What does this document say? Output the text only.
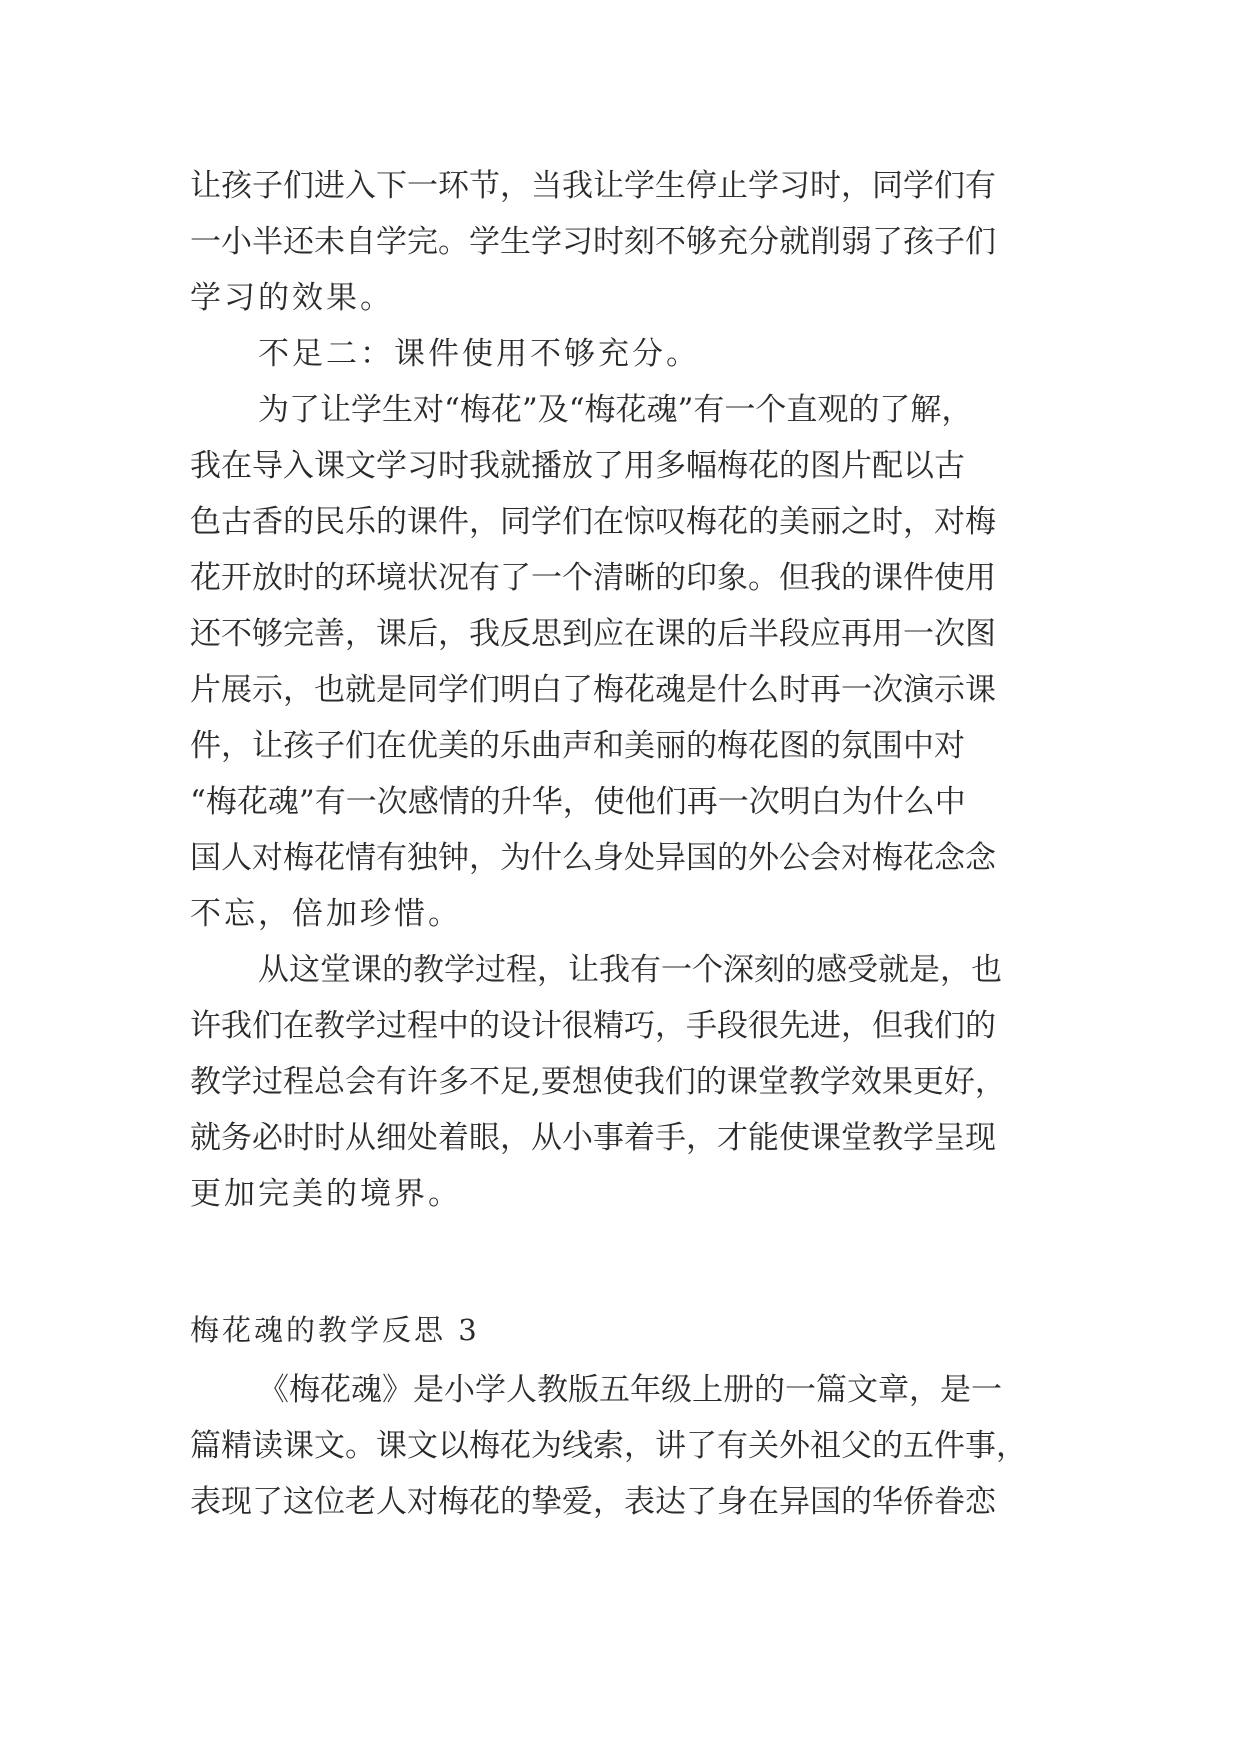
让孩子们进入下一环节，当我让学生停止学习时，同学们有
一小半还未自学完。学生学习时刻不够充分就削弱了孩子们
学习的效果。
不足二：课件使用不够充分。
为了让学生对“梅花”及“梅花魂”有一个直观的了解，
我在导入课文学习时我就播放了用多幅梅花的图片配以古
色古香的民乐的课件，同学们在惊叹梅花的美丽之时，对梅
花开放时的环境状况有了一个清晰的印象。但我的课件使用
还不够完善，课后，我反思到应在课的后半段应再用一次图
片展示，也就是同学们明白了梅花魂是什么时再一次演示课
件，让孩子们在优美的乐曲声和美丽的梅花图的氛围中对
“梅花魂”有一次感情的升华，使他们再一次明白为什么中
国人对梅花情有独钟，为什么身处异国的外公会对梅花念念
不忘，倍加珍惜。
从这堂课的教学过程，让我有一个深刻的感受就是，也
许我们在教学过程中的设计很精巧，手段很先进，但我们的
教学过程总会有许多不足,要想使我们的课堂教学效果更好，
就务必时时从细处着眼，从小事着手，才能使课堂教学呈现
更加完美的境界。
梅花魂的教学反思 3
《梅花魂》是小学人教版五年级上册的一篇文章，是一
篇精读课文。课文以梅花为线索，讲了有关外祖父的五件事，
表现了这位老人对梅花的挚爱，表达了身在异国的华侨眷恋
